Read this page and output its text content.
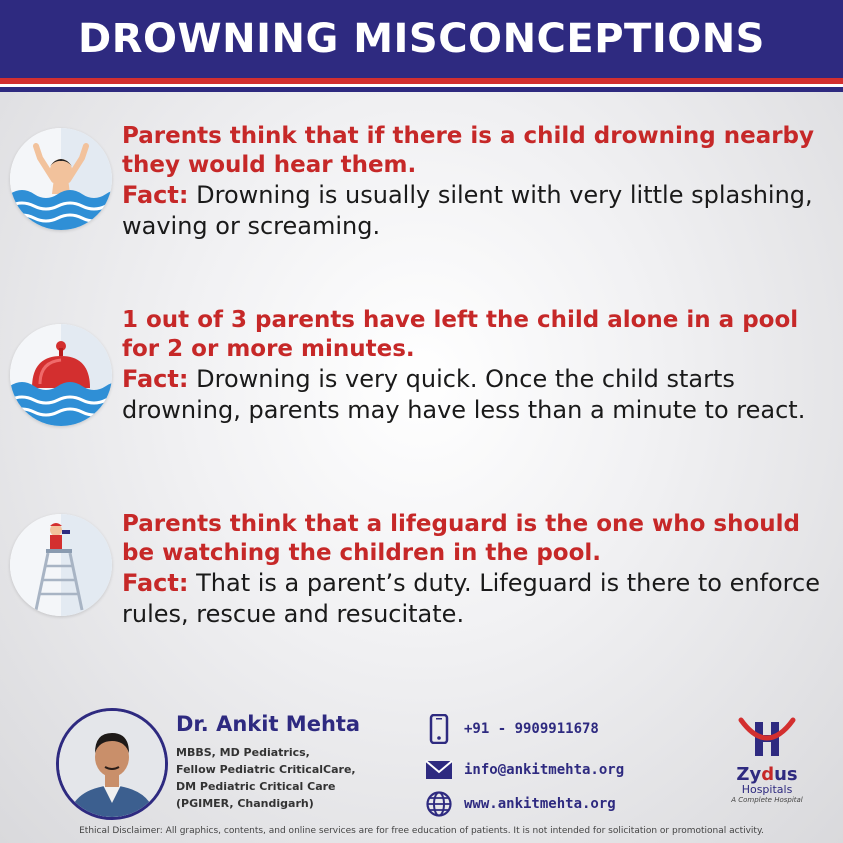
DROWNING MISCONCEPTIONS

Parents think that if there is a child drowning nearby they would hear them.

Fact: Drowning is usually silent with very little splashing, waving or screaming.

1 out of 3 parents have left the child alone in a pool for 2 or more minutes.

Fact: Drowning is very quick. Once the child starts drowning, parents may have less than a minute to react.

Parents think that a lifeguard is the one who should be watching the children in the pool.

Fact: That is a parent’s duty. Lifeguard is there to enforce rules, rescue and resucitate.

Dr. Ankit Mehta

MBBS, MD Pediatrics,
Fellow Pediatric CriticalCare,
DM Pediatric Critical Care
(PGIMER, Chandigarh)
+91 - 9909911678
info@ankitmehta.org
www.ankitmehta.org
Zydus
Hospitals
A Complete Hospital
Ethical Disclaimer: All graphics, contents, and online services are for free education of patients. It is not intended for solicitation or promotional activity.
